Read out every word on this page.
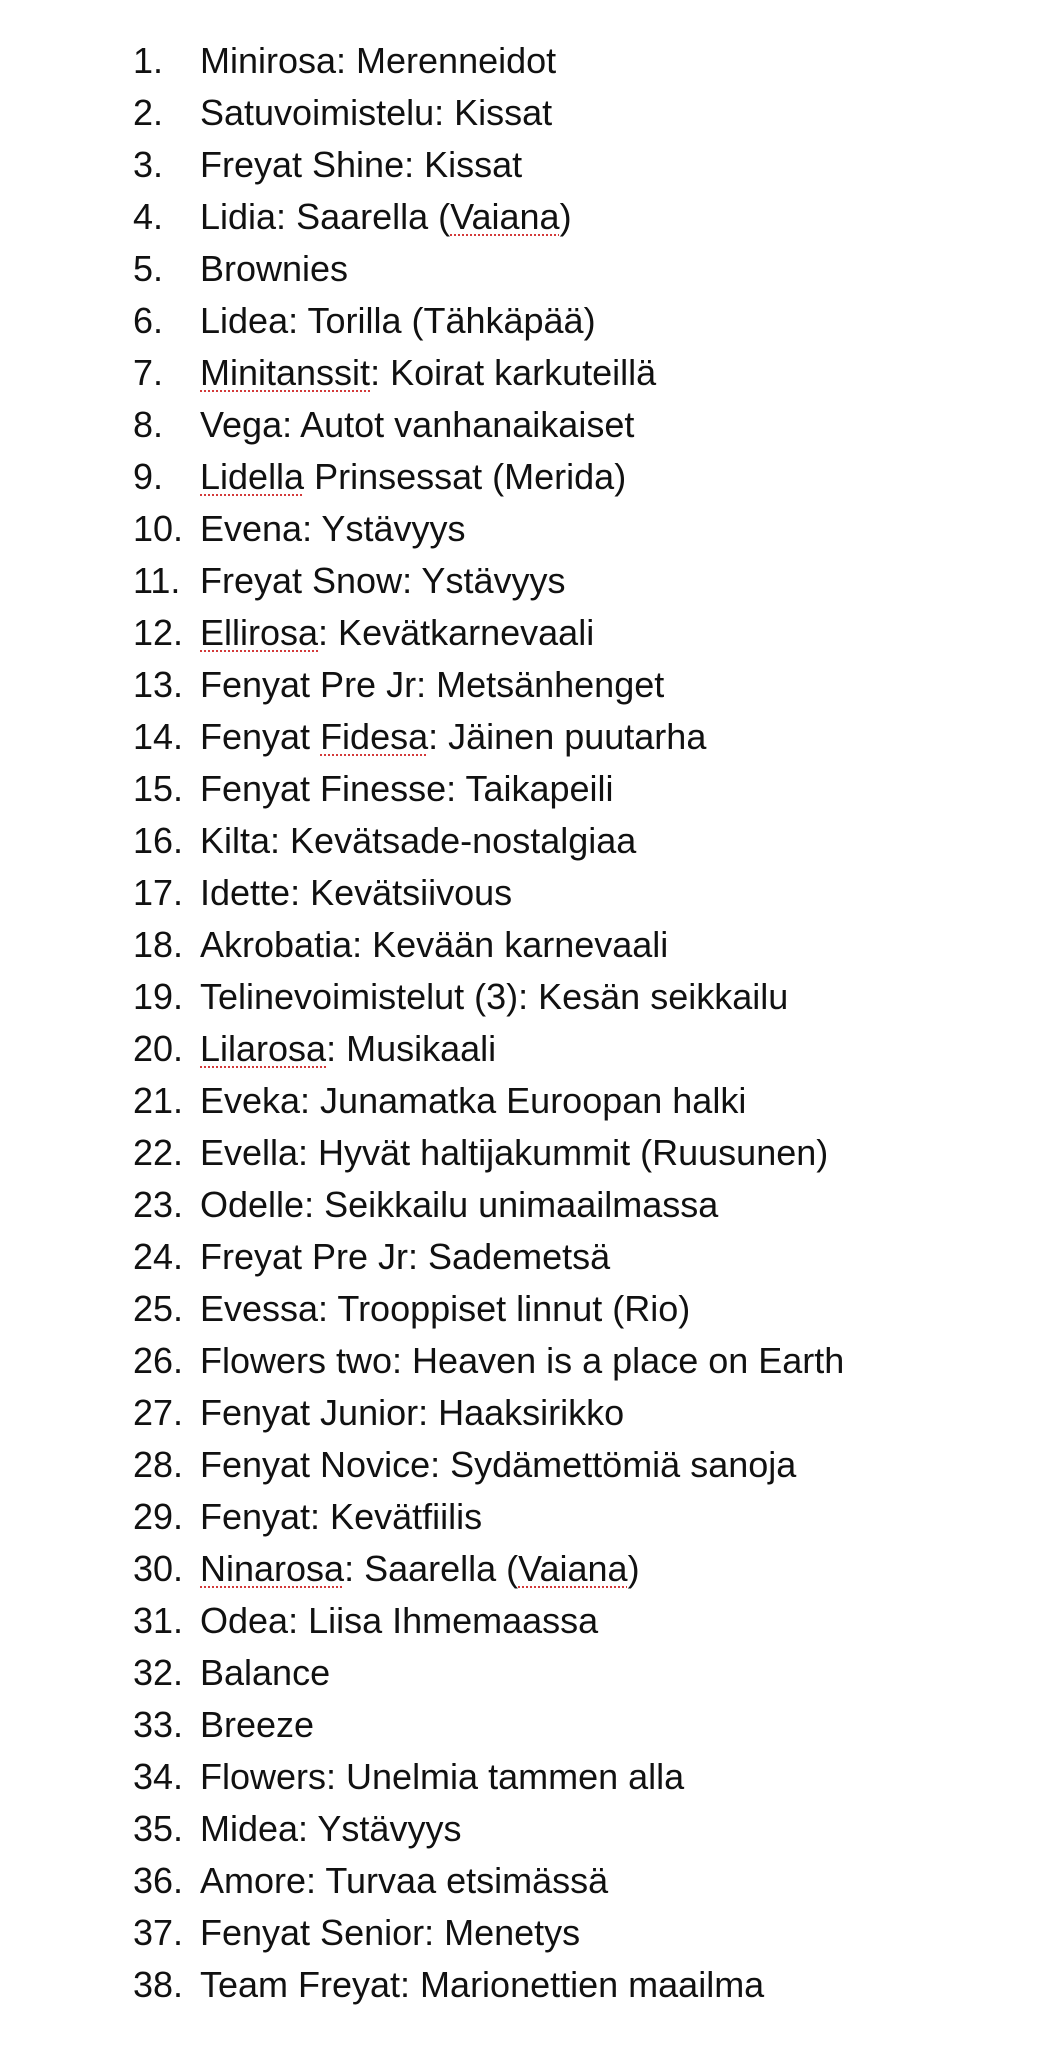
1.	Minirosa: Merenneidot
2.	Satuvoimistelu: Kissat
3.	Freyat Shine: Kissat
4.	Lidia: Saarella (Vaiana)
5.	Brownies
6.	Lidea: Torilla (Tähkäpää)
7.	Minitanssit: Koirat karkuteillä
8.	Vega: Autot vanhanaikaiset
9.	Lidella Prinsessat (Merida)
10. Evena: Ystävyys
11. Freyat Snow: Ystävyys
12. Ellirosa: Kevätkarnevaali
13. Fenyat Pre Jr: Metsänhenget
14. Fenyat Fidesa: Jäinen puutarha
15. Fenyat Finesse: Taikapeili
16. Kilta: Kevätsade-nostalgiaa
17. Idette: Kevätsiivous
18. Akrobatia: Kevään karnevaali
19. Telinevoimistelut (3): Kesän seikkailu
20. Lilarosa: Musikaali
21. Eveka: Junamatka Euroopan halki
22. Evella: Hyvät haltijakummit (Ruusunen)
23. Odelle: Seikkailu unimaailmassa
24. Freyat Pre Jr: Sademetsä
25. Evessa: Trooppiset linnut (Rio)
26. Flowers two: Heaven is a place on Earth
27. Fenyat Junior: Haaksirikko
28. Fenyat Novice: Sydämettömiä sanoja
29. Fenyat: Kevätfiilis
30. Ninarosa: Saarella (Vaiana)
31. Odea: Liisa Ihmemaassa
32. Balance
33. Breeze
34. Flowers: Unelmia tammen alla
35. Midea: Ystävyys
36. Amore: Turvaa etsimässä
37. Fenyat Senior: Menetys
38. Team Freyat: Marionettien maailma
